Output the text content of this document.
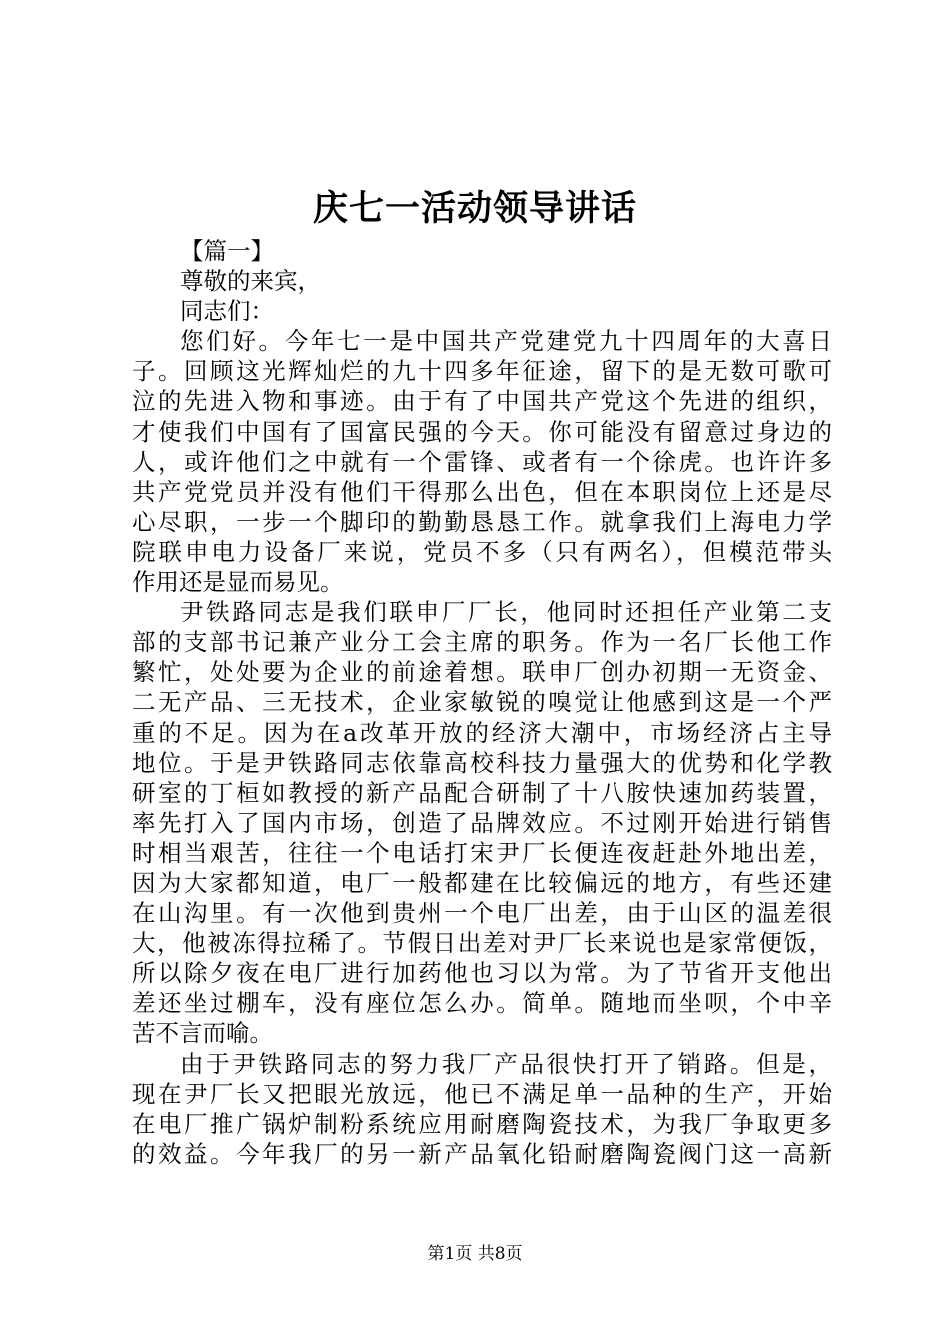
庆七一活动领导讲话
【篇一】
尊敬的来宾，
同志们：
您们好。今年七一是中国共产党建党九十四周年的大喜日
子。回顾这光辉灿烂的九十四多年征途，留下的是无数可歌可
泣的先进入物和事迹。由于有了中国共产党这个先进的组织，
才使我们中国有了国富民强的今天。你可能没有留意过身边的
人，或许他们之中就有一个雷锋、或者有一个徐虎。也许许多
共产党党员并没有他们干得那么出色，但在本职岗位上还是尽
心尽职，一步一个脚印的勤勤恳恳工作。就拿我们上海电力学
院联申电力设备厂来说，党员不多（只有两名），但模范带头
作用还是显而易见。
尹铁路同志是我们联申厂厂长，他同时还担任产业第二支
部的支部书记兼产业分工会主席的职务。作为一名厂长他工作
繁忙，处处要为企业的前途着想。联申厂创办初期一无资金、
二无产品、三无技术，企业家敏锐的嗅觉让他感到这是一个严
重的不足。因为在a改革开放的经济大潮中，市场经济占主导
地位。于是尹铁路同志依靠高校科技力量强大的优势和化学教
研室的丁桓如教授的新产品配合研制了十八胺快速加药装置，
率先打入了国内市场，创造了品牌效应。不过刚开始进行销售
时相当艰苦，往往一个电话打宋尹厂长便连夜赶赴外地出差，
因为大家都知道，电厂一般都建在比较偏远的地方，有些还建
在山沟里。有一次他到贵州一个电厂出差，由于山区的温差很
大，他被冻得拉稀了。节假日出差对尹厂长来说也是家常便饭，
所以除夕夜在电厂进行加药他也习以为常。为了节省开支他出
差还坐过棚车，没有座位怎么办。简单。随地而坐呗，个中辛
苦不言而喻。
由于尹铁路同志的努力我厂产品很快打开了销路。但是，
现在尹厂长又把眼光放远，他已不满足单一品种的生产，开始
在电厂推广锅炉制粉系统应用耐磨陶瓷技术，为我厂争取更多
的效益。今年我厂的另一新产品氧化铅耐磨陶瓷阀门这一高新
第1页 共8页
